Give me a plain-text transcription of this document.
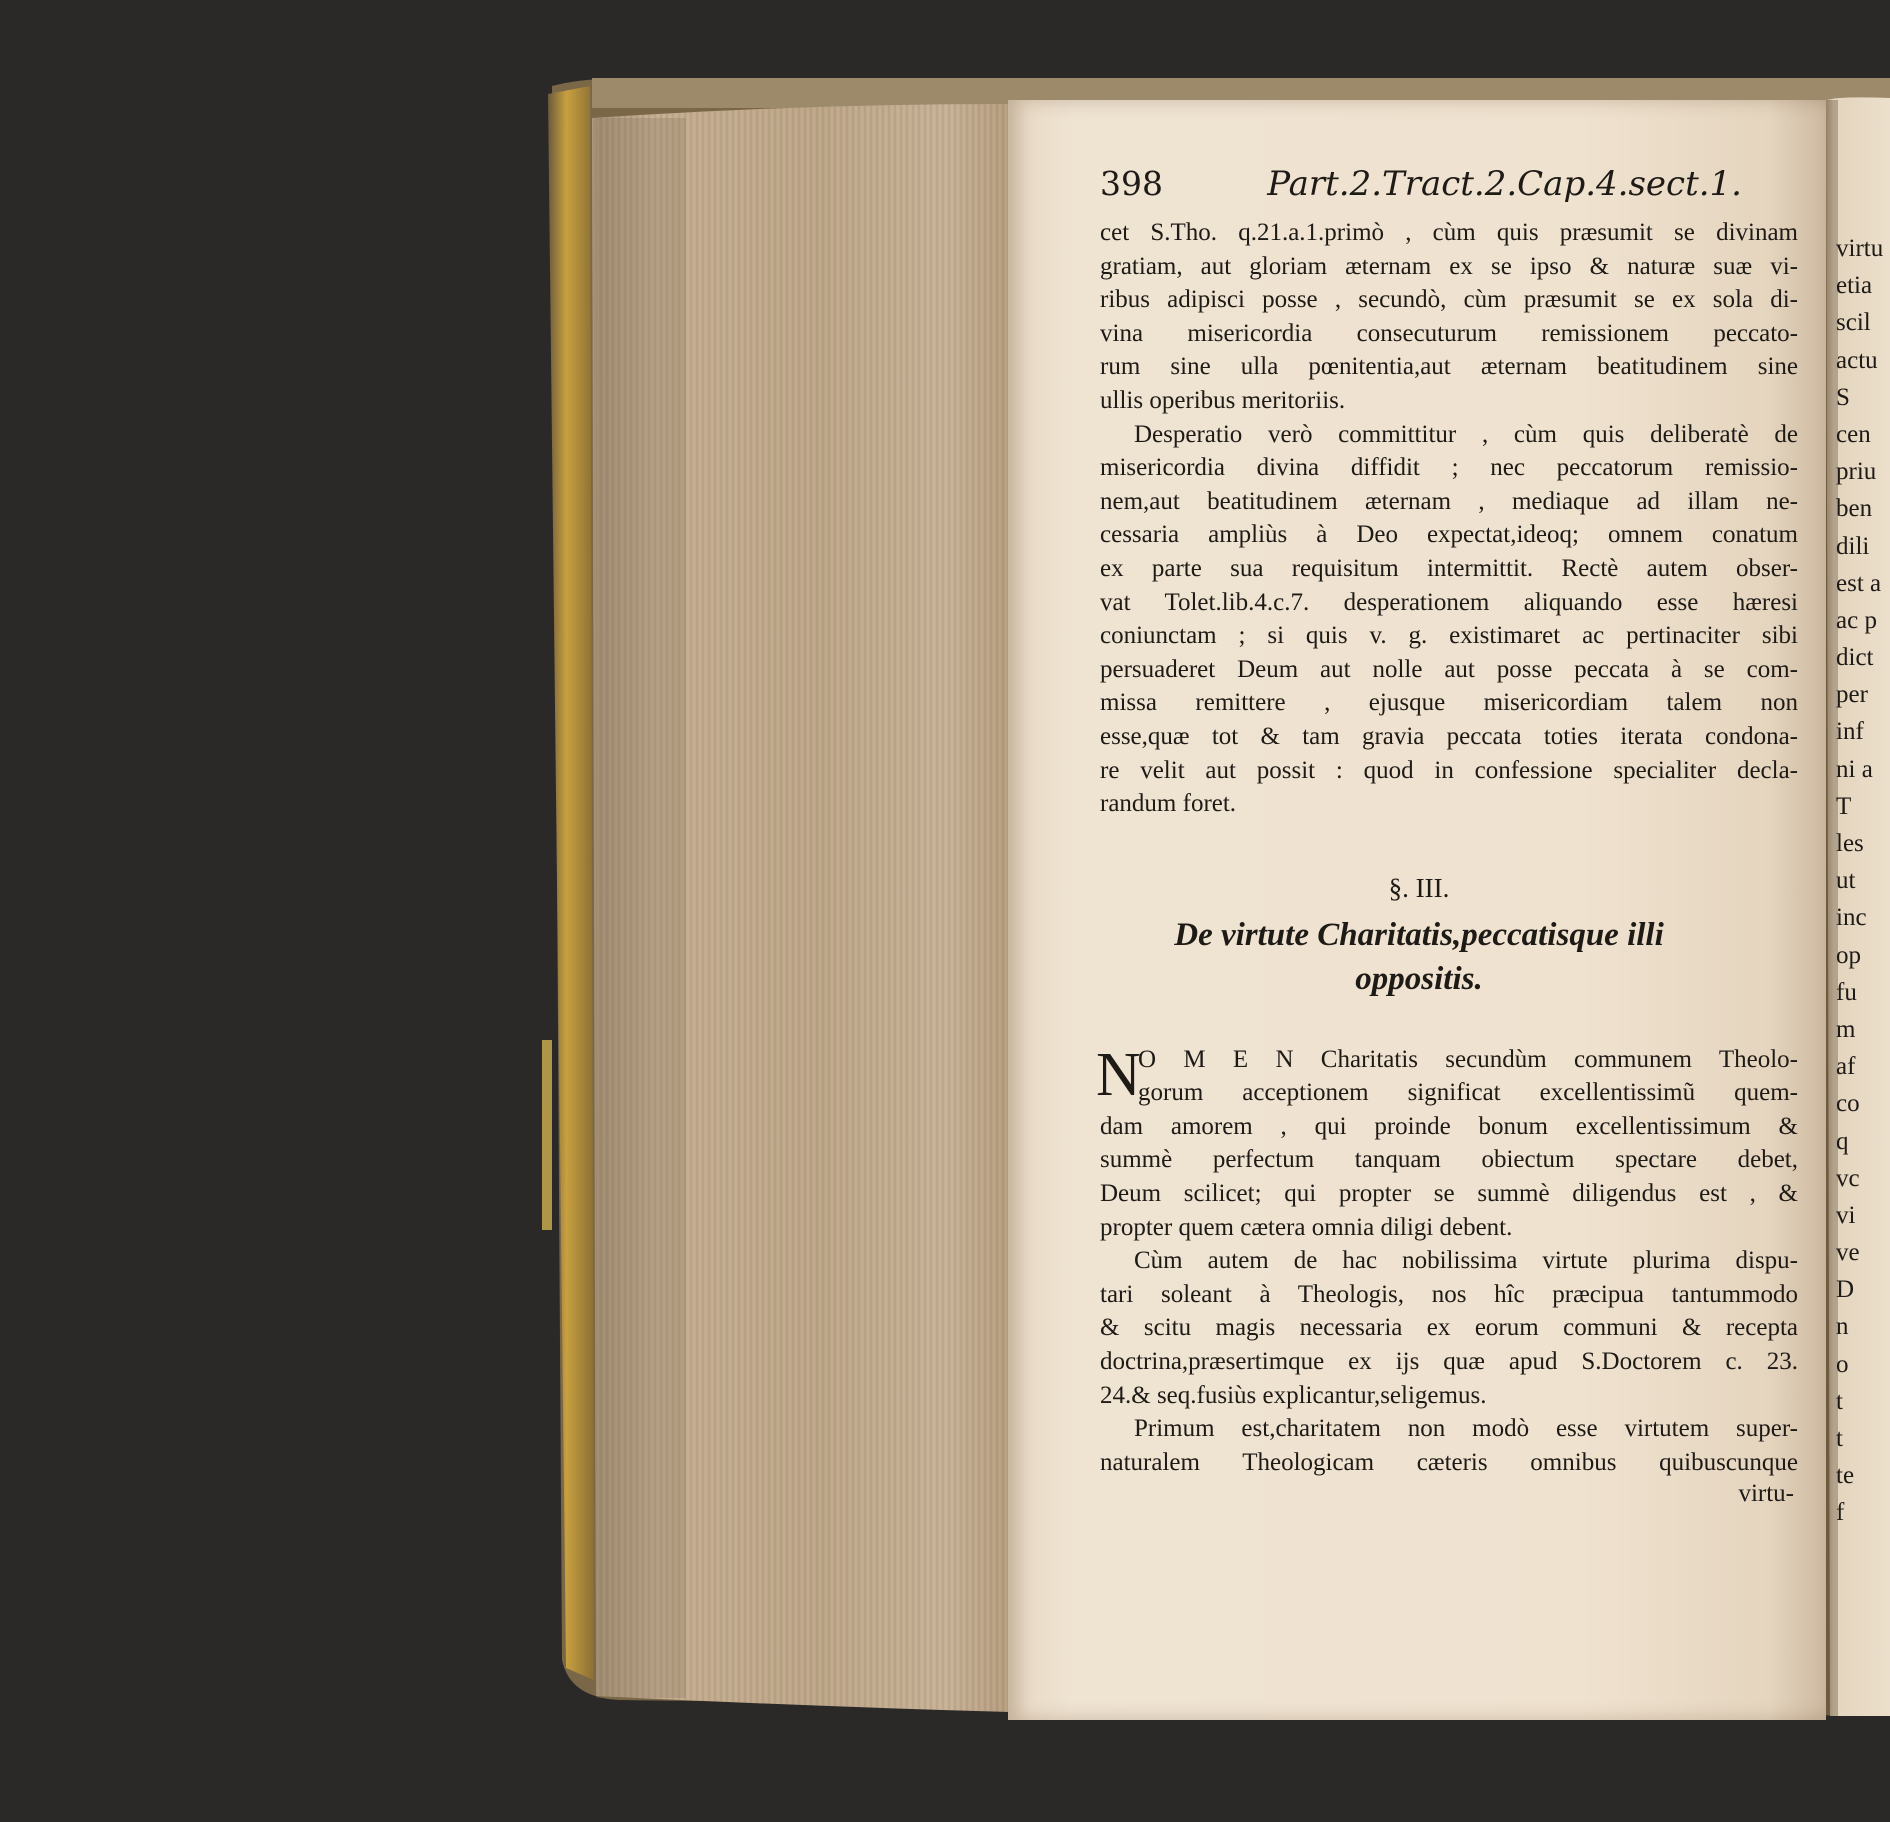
398	Part.2.Tract.2.Cap.4.sect.1.
cet S.Tho. q.21.a.1.primò , cùm quis præsumit se divinam
gratiam, aut gloriam æternam ex se ipso & naturæ suæ vi-
ribus adipisci posse , secundò, cùm præsumit se ex sola di-
vina misericordia consecuturum remissionem peccato-
rum sine ulla pœnitentia,aut æternam beatitudinem sine
ullis operibus meritoriis.
Desperatio verò committitur , cùm quis deliberatè de
misericordia divina diffidit ; nec peccatorum remissio-
nem,aut beatitudinem æternam , mediaque ad illam ne-
cessaria ampliùs à Deo expectat,ideoq; omnem conatum
ex parte sua requisitum intermittit. Rectè autem obser-
vat Tolet.lib.4.c.7. desperationem aliquando esse hæresi
coniunctam ; si quis v. g. existimaret ac pertinaciter sibi
persuaderet Deum aut nolle aut posse peccata à se com-
missa remittere , ejusque misericordiam talem non
esse,quæ tot & tam gravia peccata toties iterata condona-
re velit aut possit : quod in confessione specialiter decla-
randum foret.
§. III.
De virtute Charitatis,peccatisque illi
oppositis.
N
O M E N Charitatis secundùm communem Theolo-
gorum acceptionem significat excellentissimũ quem-
dam amorem , qui proinde bonum excellentissimum &
summè perfectum tanquam obiectum spectare debet,
Deum scilicet; qui propter se summè diligendus est , &
propter quem cætera omnia diligi debent.
Cùm autem de hac nobilissima virtute plurima dispu-
tari soleant à Theologis, nos hîc præcipua tantummodo
& scitu magis necessaria ex eorum communi & recepta
doctrina,præsertimque ex ijs quæ apud S.Doctorem c. 23.
24.& seq.fusiùs explicantur,seligemus.
Primum est,charitatem non modò esse virtutem super-
naturalem Theologicam cæteris omnibus quibuscunque
virtu-
virtu
etia
scil
actu
S
cen
priu
ben
dili
est a
ac p
dict
per
inf
ni a
T
les
ut
inc
op
fu
m
af
co
q
vc
vi
ve
D
n
o
t
t
te
f
